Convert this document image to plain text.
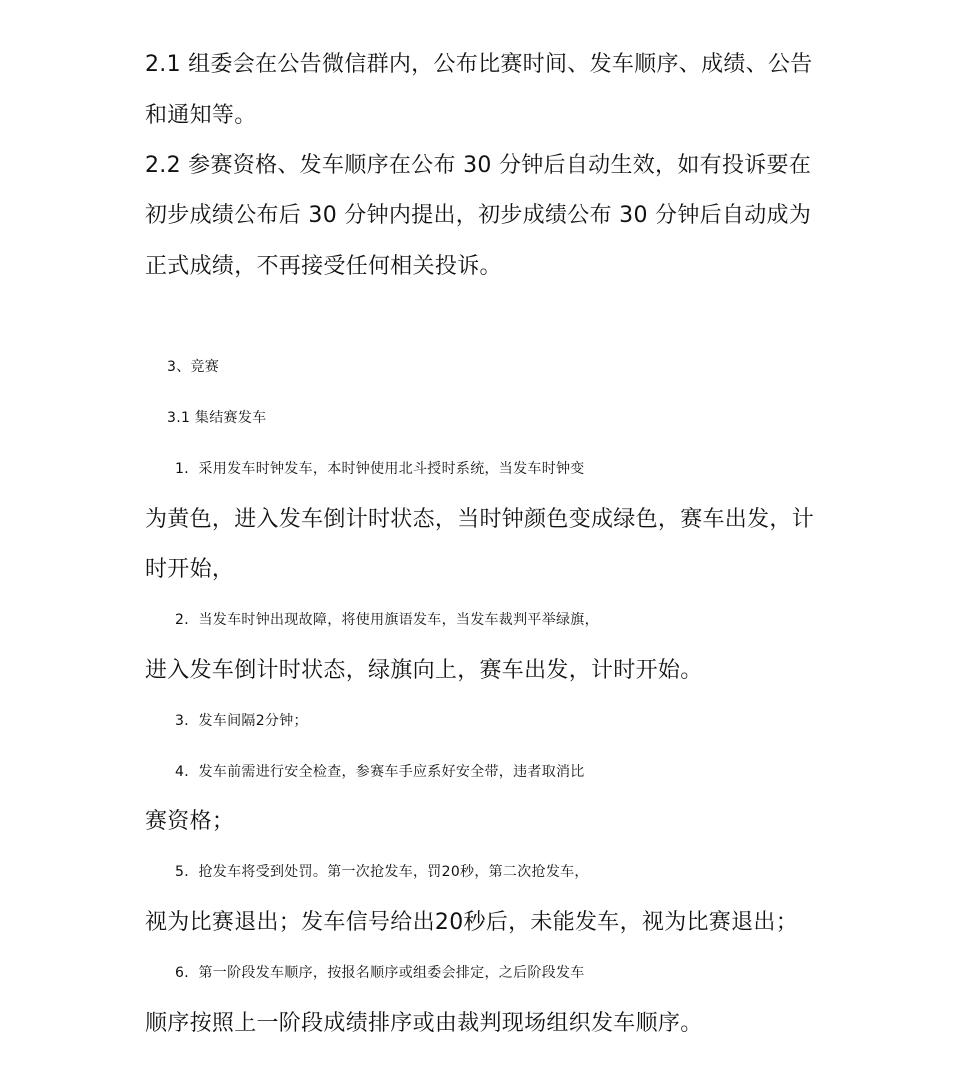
2.1 组委会在公告微信群内，公布比赛时间、发车顺序、成绩、公告
和通知等。
2.2 参赛资格、发车顺序在公布 30 分钟后自动生效，如有投诉要在
初步成绩公布后 30 分钟内提出，初步成绩公布 30 分钟后自动成为
正式成绩，不再接受任何相关投诉。
3、竞赛
3.1 集结赛发车
1．采用发车时钟发车，本时钟使用北斗授时系统，当发车时钟变
为黄色，进入发车倒计时状态，当时钟颜色变成绿色，赛车出发，计
时开始，
2．当发车时钟出现故障，将使用旗语发车，当发车裁判平举绿旗，
进入发车倒计时状态，绿旗向上，赛车出发，计时开始。
3．发车间隔2分钟；
4．发车前需进行安全检查，参赛车手应系好安全带，违者取消比
赛资格；
5．抢发车将受到处罚。第一次抢发车，罚20秒，第二次抢发车，
视为比赛退出；发车信号给出20秒后，未能发车，视为比赛退出；
6．第一阶段发车顺序，按报名顺序或组委会排定，之后阶段发车
顺序按照上一阶段成绩排序或由裁判现场组织发车顺序。
